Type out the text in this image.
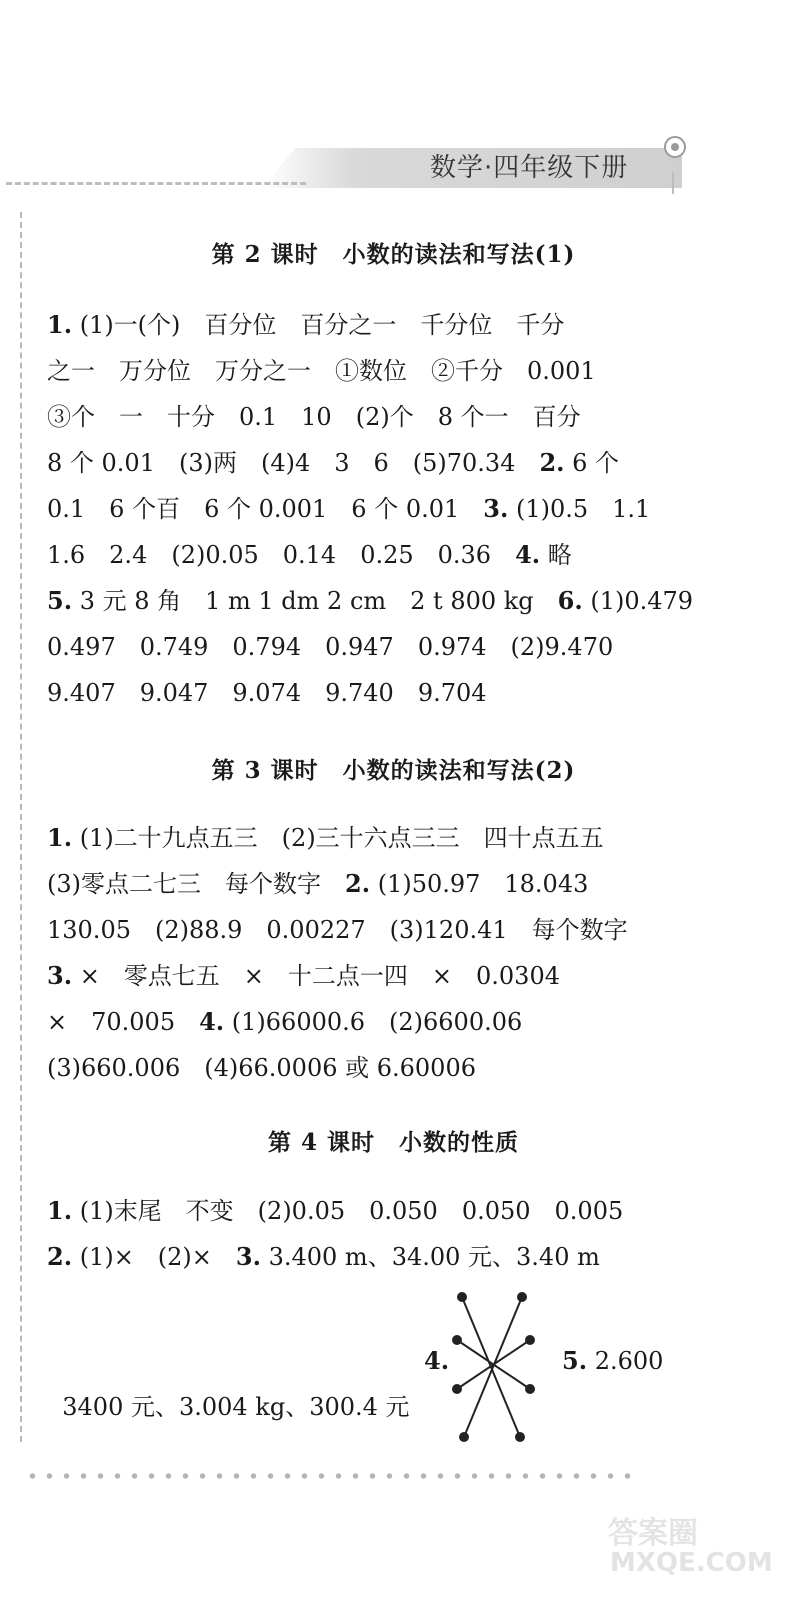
数学·四年级下册
第 2 课时　小数的读法和写法(1)
1. (1)一(个)　百分位　百分之一　千分位　千分
之一　万分位　万分之一　①数位　②千分　0.001
③个　一　十分　0.1　10　(2)个　8 个一　百分
8 个 0.01　(3)两　(4)4　3　6　(5)70.34　2. 6 个
0.1　6 个百　6 个 0.001　6 个 0.01　3. (1)0.5　1.1
1.6　2.4　(2)0.05　0.14　0.25　0.36　4. 略
5. 3 元 8 角　1 m 1 dm 2 cm　2 t 800 kg　6. (1)0.479
0.497　0.749　0.794　0.947　0.974　(2)9.470
9.407　9.047　9.074　9.740　9.704
第 3 课时　小数的读法和写法(2)
1. (1)二十九点五三　(2)三十六点三三　四十点五五
(3)零点二七三　每个数字　2. (1)50.97　18.043
130.05　(2)88.9　0.00227　(3)120.41　每个数字
3. ×　零点七五　×　十二点一四　×　0.0304
×　70.005　4. (1)66000.6　(2)6600.06
(3)660.006　(4)66.0006 或 6.60006
第 4 课时　小数的性质
1. (1)末尾　不变　(2)0.05　0.050　0.050　0.005
2. (1)×　(2)×　3. 3.400 m、34.00 元、3.40 m

3400 元、3.004 kg、300.4 元

4.	5. 2.600
答案圈
MXQE.COM
